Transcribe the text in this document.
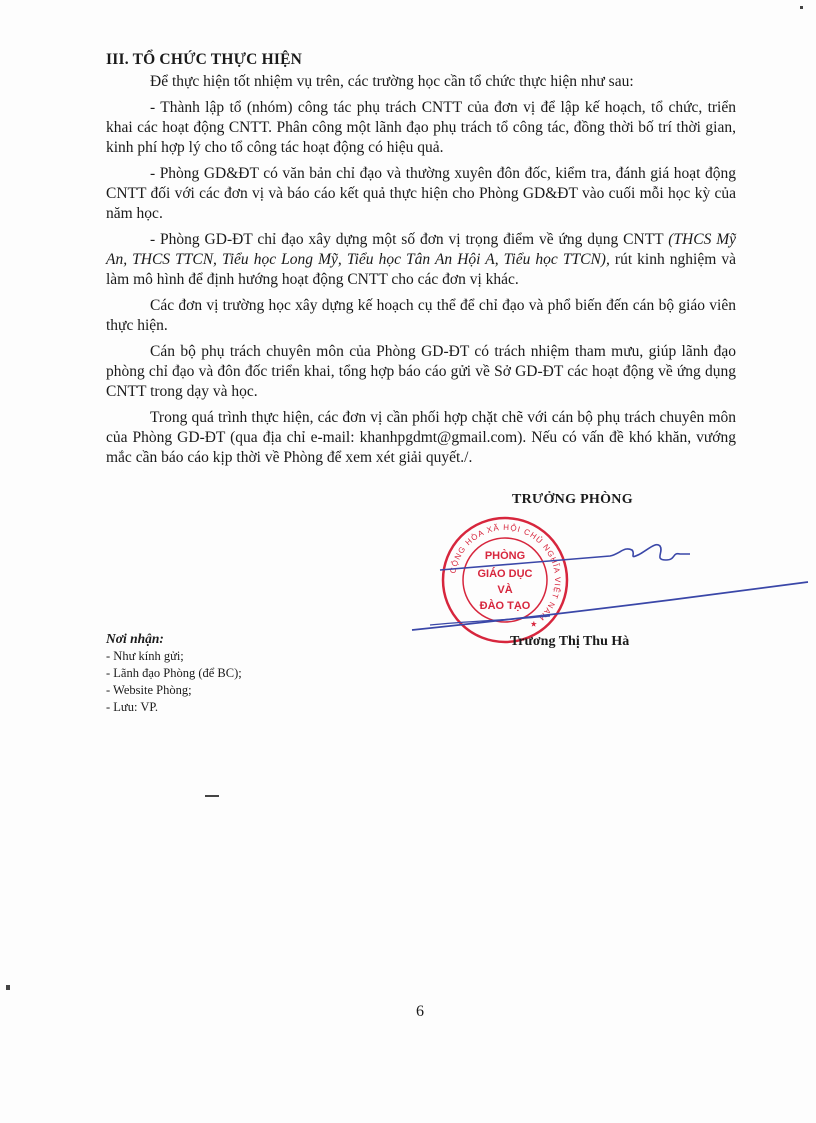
III. TỔ CHỨC THỰC HIỆN

Để thực hiện tốt nhiệm vụ trên, các trường học cần tổ chức thực hiện như sau:

- Thành lập tổ (nhóm) công tác phụ trách CNTT của đơn vị để lập kế hoạch, tổ chức, triển khai các hoạt động CNTT. Phân công một lãnh đạo phụ trách tổ công tác, đồng thời bố trí thời gian, kinh phí hợp lý cho tổ công tác hoạt động có hiệu quả.

- Phòng GD&ĐT có văn bản chỉ đạo và thường xuyên đôn đốc, kiểm tra, đánh giá hoạt động CNTT đối với các đơn vị và báo cáo kết quả thực hiện cho Phòng GD&ĐT vào cuối mỗi học kỳ của năm học.

- Phòng GD-ĐT chỉ đạo xây dựng một số đơn vị trọng điểm về ứng dụng CNTT (THCS Mỹ An, THCS TTCN, Tiểu học Long Mỹ, Tiểu học Tân An Hội A, Tiểu học TTCN), rút kinh nghiệm và làm mô hình để định hướng hoạt động CNTT cho các đơn vị khác.

Các đơn vị trường học xây dựng kế hoạch cụ thể để chỉ đạo và phổ biến đến cán bộ giáo viên thực hiện.

Cán bộ phụ trách chuyên môn của Phòng GD-ĐT có trách nhiệm tham mưu, giúp lãnh đạo phòng chỉ đạo và đôn đốc triển khai, tổng hợp báo cáo gửi về Sở GD-ĐT các hoạt động về ứng dụng CNTT trong dạy và học.

Trong quá trình thực hiện, các đơn vị cần phối hợp chặt chẽ với cán bộ phụ trách chuyên môn của Phòng GD-ĐT (qua địa chỉ e-mail: khanhpgdmt@gmail.com). Nếu có vấn đề khó khăn, vướng mắc cần báo cáo kịp thời về Phòng để xem xét giải quyết./.

TRƯỞNG PHÒNG
CỘNG HÒA XÃ HỘI CHỦ NGHĨA VIỆT NAM ★
PHÒNG
GIÁO DỤC
VÀ
ĐÀO TẠO
Trương Thị Thu Hà
Nơi nhận:
- Như kính gửi;
- Lãnh đạo Phòng (để BC);
- Website Phòng;
- Lưu: VP.
6
